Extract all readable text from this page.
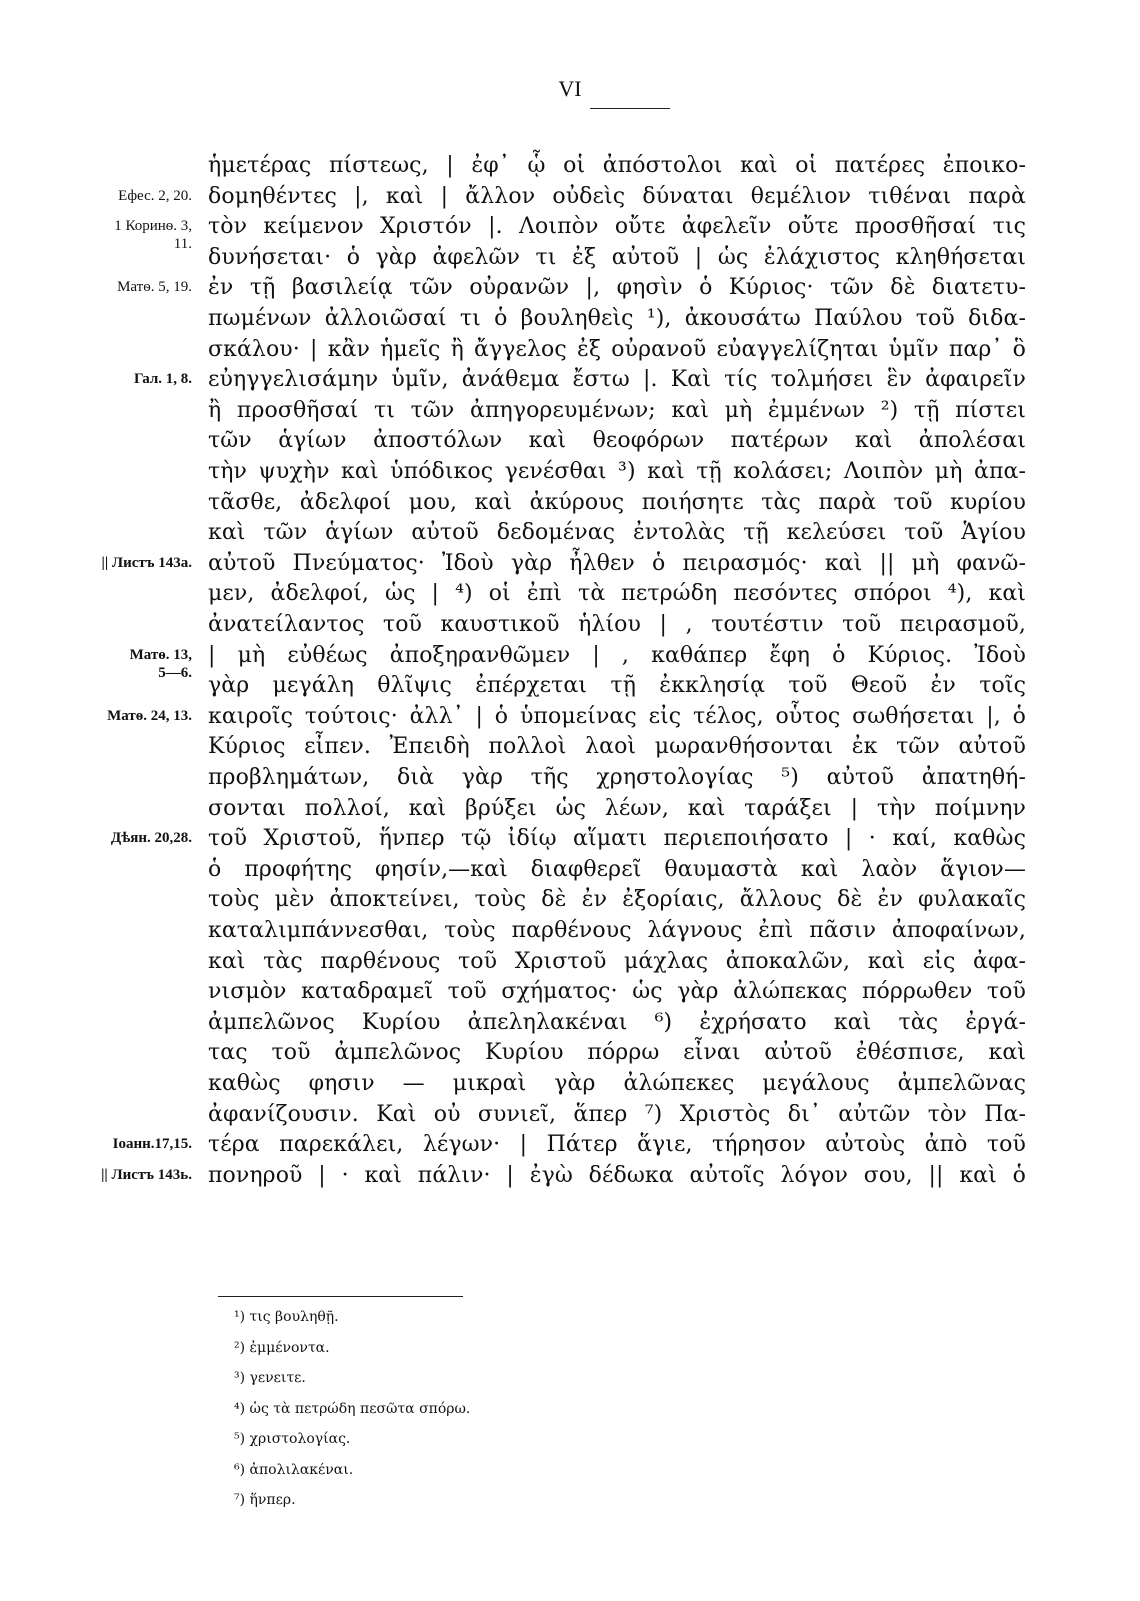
VI
ἡμετέρας πίστεως, | ἐφ᾿ ᾧ οἱ ἀπόστολοι καὶ οἱ πατέρες ἐποικο-
δομηθέντες |, καὶ | ἄλλον οὐδεὶς δύναται θεμέλιον τιθέναι παρὰ
τὸν κείμενον Χριστόν |. Λοιπὸν οὔτε ἀφελεῖν οὔτε προσθῆσαί τις
δυνήσεται· ὁ γὰρ ἀφελῶν τι ἐξ αὐτοῦ | ὡς ἐλάχιστος κληθήσεται
ἐν τῇ βασιλείᾳ τῶν οὐρανῶν |, φησὶν ὁ Κύριος· τῶν δὲ διατετυ-
πωμένων ἀλλοιῶσαί τι ὁ βουληθεὶς ¹), ἀκουσάτω Παύλου τοῦ διδα-
σκάλου· | κἂν ἡμεῖς ἢ ἄγγελος ἐξ οὐρανοῦ εὐαγγελίζηται ὑμῖν παρ᾿ ὃ
εὐηγγελισάμην ὑμῖν, ἀνάθεμα ἔστω |. Καὶ τίς τολμήσει ἓν ἀφαιρεῖν
ἢ προσθῆσαί τι τῶν ἀπηγορευμένων; καὶ μὴ ἐμμένων ²) τῇ πίστει
τῶν ἁγίων ἀποστόλων καὶ θεοφόρων πατέρων καὶ ἀπολέσαι
τὴν ψυχὴν καὶ ὑπόδικος γενέσθαι ³) καὶ τῇ κολάσει; Λοιπὸν μὴ ἀπα-
τᾶσθε, ἀδελφοί μου, καὶ ἀκύρους ποιήσητε τὰς παρὰ τοῦ κυρίου
καὶ τῶν ἁγίων αὐτοῦ δεδομένας ἐντολὰς τῇ κελεύσει τοῦ Ἁγίου
αὐτοῦ Πνεύματος· Ἰδοὺ γὰρ ἦλθεν ὁ πειρασμός· καὶ || μὴ φανῶ-
μεν, ἀδελφοί, ὡς | ⁴) οἱ ἐπὶ τὰ πετρώδη πεσόντες σπόροι ⁴), καὶ
ἀνατείλαντος τοῦ καυστικοῦ ἡλίου | , τουτέστιν τοῦ πειρασμοῦ,
| μὴ εὐθέως ἀποξηρανθῶμεν | , καθάπερ ἔφη ὁ Κύριος. Ἰδοὺ
γὰρ μεγάλη θλῖψις ἐπέρχεται τῇ ἐκκλησίᾳ τοῦ Θεοῦ ἐν τοῖς
καιροῖς τούτοις· ἀλλ᾿ | ὁ ὑπομείνας εἰς τέλος, οὗτος σωθήσεται |, ὁ
Κύριος εἶπεν. Ἐπειδὴ πολλοὶ λαοὶ μωρανθήσονται ἐκ τῶν αὐτοῦ
προβλημάτων, διὰ γὰρ τῆς χρηστολογίας ⁵) αὐτοῦ ἀπατηθή-
σονται πολλοί, καὶ βρύξει ὡς λέων, καὶ ταράξει | τὴν ποίμνην
τοῦ Χριστοῦ, ἥνπερ τῷ ἰδίῳ αἵματι περιεποιήσατο | · καί, καθὼς
ὁ προφήτης φησίν,—καὶ διαφθερεῖ θαυμαστὰ καὶ λαὸν ἅγιον—
τοὺς μὲν ἀποκτείνει, τοὺς δὲ ἐν ἐξορίαις, ἄλλους δὲ ἐν φυλακαῖς
καταλιμπάννεσθαι, τοὺς παρθένους λάγνους ἐπὶ πᾶσιν ἀποφαίνων,
καὶ τὰς παρθένους τοῦ Χριστοῦ μάχλας ἀποκαλῶν, καὶ εἰς ἀφα-
νισμὸν καταδραμεῖ τοῦ σχήματος· ὡς γὰρ ἀλώπεκας πόρρωθεν τοῦ
ἀμπελῶνος Κυρίου ἀπεληλακέναι ⁶) ἐχρήσατο καὶ τὰς ἐργά-
τας τοῦ ἀμπελῶνος Κυρίου πόρρω εἶναι αὐτοῦ ἐθέσπισε, καὶ
καθὼς φησιν — μικραὶ γὰρ ἀλώπεκες μεγάλους ἀμπελῶνας
ἀφανίζουσιν. Καὶ οὐ συνιεῖ, ἅπερ ⁷) Χριστὸς δι᾿ αὐτῶν τὸν Πα-
τέρα παρεκάλει, λέγων· | Πάτερ ἅγιε, τήρησον αὐτοὺς ἀπὸ τοῦ
πονηροῦ | · καὶ πάλιν· | ἐγὼ δέδωκα αὐτοῖς λόγον σου, || καὶ ὁ
Ефес. 2, 20.
1 Коринѳ. 3,
11.
Матѳ. 5, 19.
Гал. 1, 8.
|| Листъ 143а.
Матѳ. 13,
5—6.
Матѳ. 24, 13.
Дѣян. 20,28.
Іоанн.17,15.
|| Листъ 143ь.
¹) τις βουληθῇ.
²) ἐμμένοντα.
³) γενειτε.
⁴) ὡς τὰ πετρώδη πεσῶτα σπόρω.
⁵) χριστολογίας.
⁶) ἀπολιλακέναι.
⁷) ἥνπερ.
